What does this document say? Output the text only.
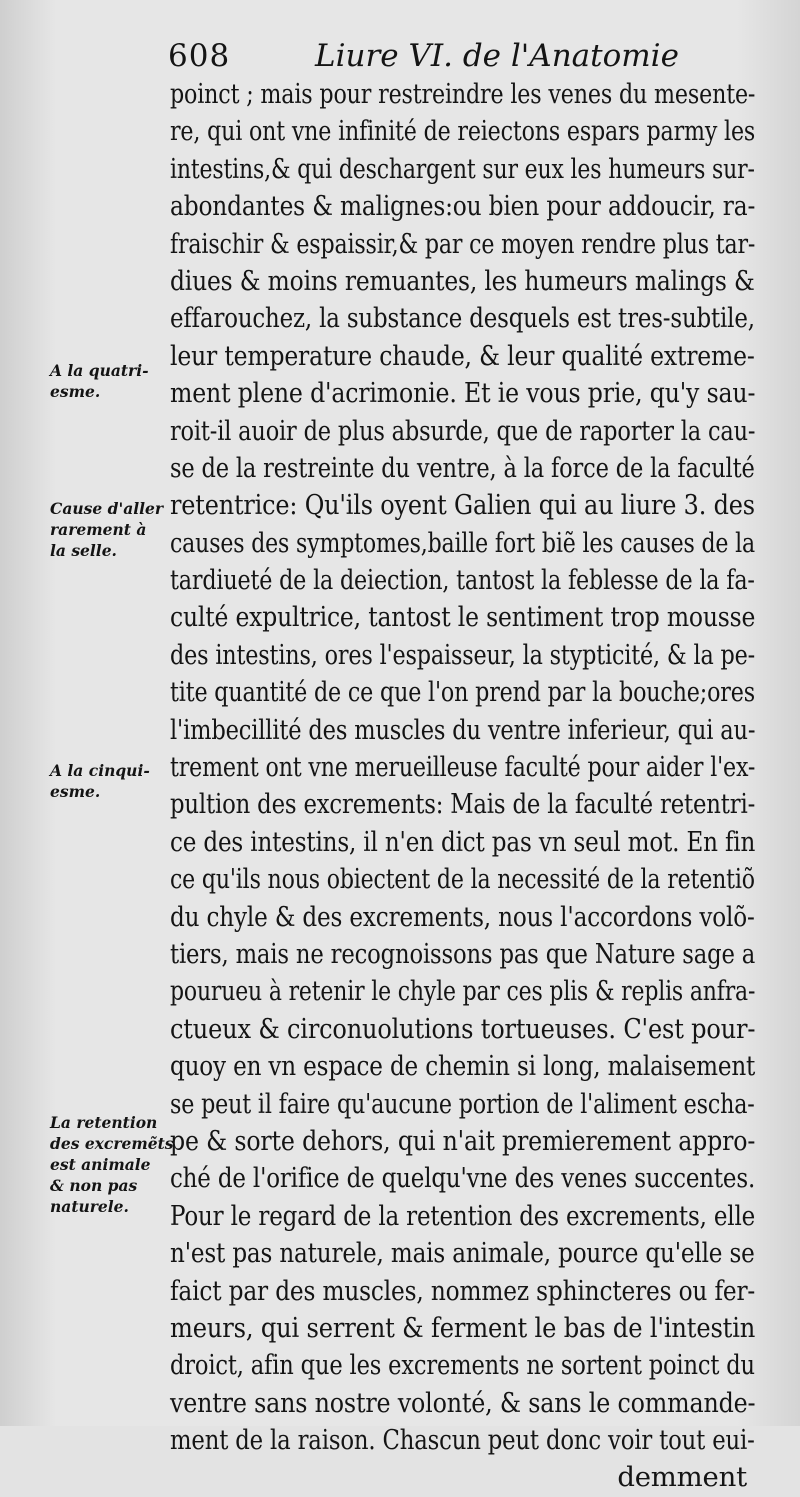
608	Liure VI. de l'Anatomie
poinct ; mais pour restreindre les venes du mesente-
re, qui ont vne infinité de reiectons espars parmy les
intestins,& qui deschargent sur eux les humeurs sur-
abondantes & malignes:ou bien pour addoucir, ra-
fraischir & espaissir,& par ce moyen rendre plus tar-
diues & moins remuantes, les humeurs malings &
effarouchez, la substance desquels est tres-subtile,
leur temperature chaude, & leur qualité extreme-
ment plene d'acrimonie. Et ie vous prie, qu'y sau-
roit-il auoir de plus absurde, que de raporter la cau-
se de la restreinte du ventre, à la force de la faculté
retentrice: Qu'ils oyent Galien qui au liure 3. des
causes des symptomes,baille fort biẽ les causes de la
tardiueté de la deiection, tantost la feblesse de la fa-
culté expultrice, tantost le sentiment trop mousse
des intestins, ores l'espaisseur, la stypticité, & la pe-
tite quantité de ce que l'on prend par la bouche;ores
l'imbecillité des muscles du ventre inferieur, qui au-
trement ont vne merueilleuse faculté pour aider l'ex-
pultion des excrements: Mais de la faculté retentri-
ce des intestins, il n'en dict pas vn seul mot. En fin
ce qu'ils nous obiectent de la necessité de la retentiõ
du chyle & des excrements, nous l'accordons volõ-
tiers, mais ne recognoissons pas que Nature sage a
pourueu à retenir le chyle par ces plis & replis anfra-
ctueux & circonuolutions tortueuses. C'est pour-
quoy en vn espace de chemin si long, malaisement
se peut il faire qu'aucune portion de l'aliment escha-
pe & sorte dehors, qui n'ait premierement appro-
ché de l'orifice de quelqu'vne des venes succentes.
Pour le regard de la retention des excrements, elle
n'est pas naturele, mais animale, pource qu'elle se
faict par des muscles, nommez sphincteres ou fer-
meurs, qui serrent & ferment le bas de l'intestin
droict, afin que les excrements ne sortent poinct du
ventre sans nostre volonté, & sans le commande-
ment de la raison. Chascun peut donc voir tout eui-
demment
A la quatri-
esme.
Cause d'aller
rarement à
la selle.
A la cinqui-
esme.
La retention
des excremẽts
est animale
& non pas
naturele.
